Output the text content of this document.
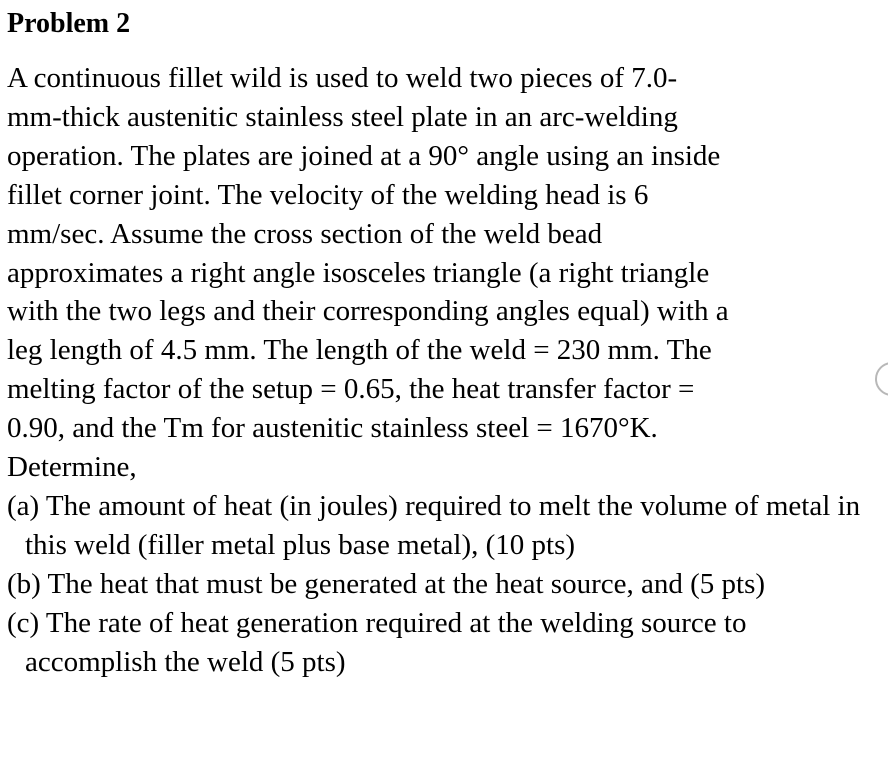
Problem 2
A continuous fillet wild is used to weld two pieces of 7.0-
mm-thick austenitic stainless steel plate in an arc-welding
operation. The plates are joined at a 90° angle using an inside
fillet corner joint. The velocity of the welding head is 6
mm/sec. Assume the cross section of the weld bead
approximates a right angle isosceles triangle (a right triangle
with the two legs and their corresponding angles equal) with a
leg length of 4.5 mm. The length of the weld = 230 mm. The
melting factor of the setup = 0.65, the heat transfer factor =
0.90, and the Tm for austenitic stainless steel = 1670°K.
Determine,
(a) The amount of heat (in joules) required to melt the volume of metal in this weld (filler metal plus base metal), (10 pts)
(b) The heat that must be generated at the heat source, and (5 pts)
(c) The rate of heat generation required at the welding source to accomplish the weld (5 pts)
